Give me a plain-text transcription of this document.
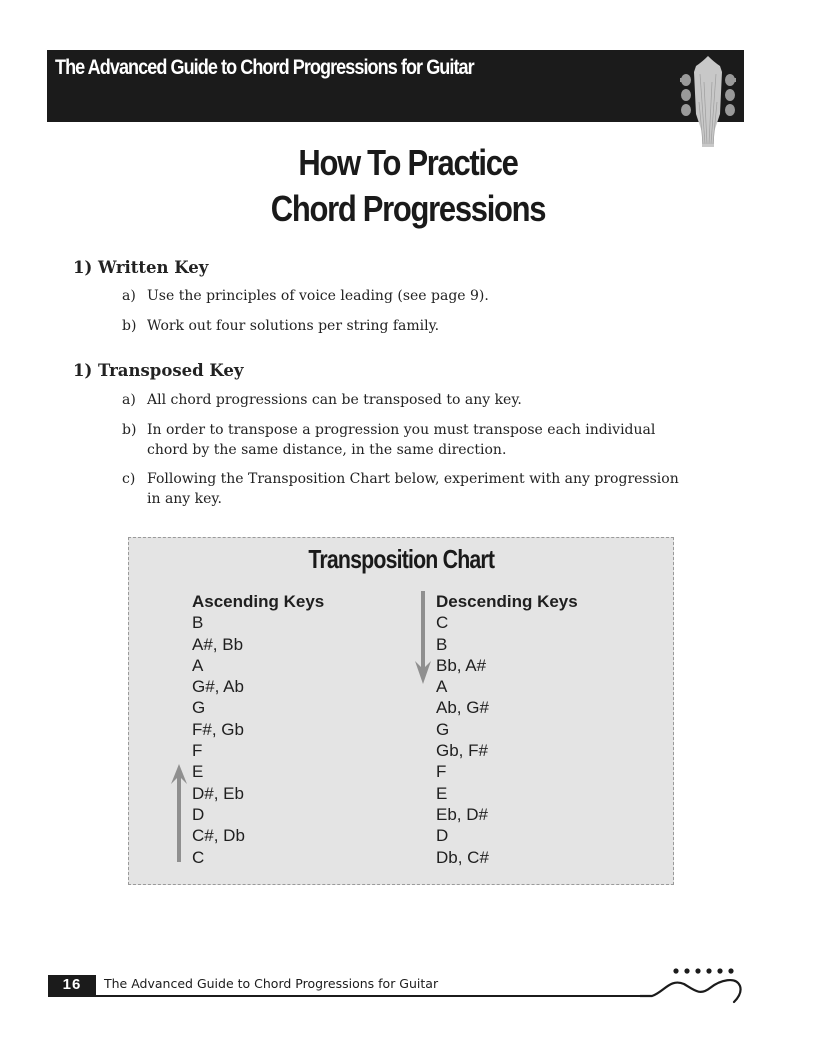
The Advanced Guide to Chord Progressions for Guitar
How To Practice
Chord Progressions
1) Written Key
a) Use the principles of voice leading (see page 9).
b) Work out four solutions per string family.
1) Transposed Key
a) All chord progressions can be transposed to any key.
b) In order to transpose a progression you must transpose each individual chord by the same distance, in the same direction.
c) Following the Transposition Chart below, experiment with any progression in any key.
Transposition Chart
Ascending Keys
B
A#, Bb
A
G#, Ab
G
F#, Gb
F
E
D#, Eb
D
C#, Db
C
Descending Keys
C
B
Bb, A#
A
Ab, G#
G
Gb, F#
F
E
Eb, D#
D
Db, C#
16	The Advanced Guide to Chord Progressions for Guitar
